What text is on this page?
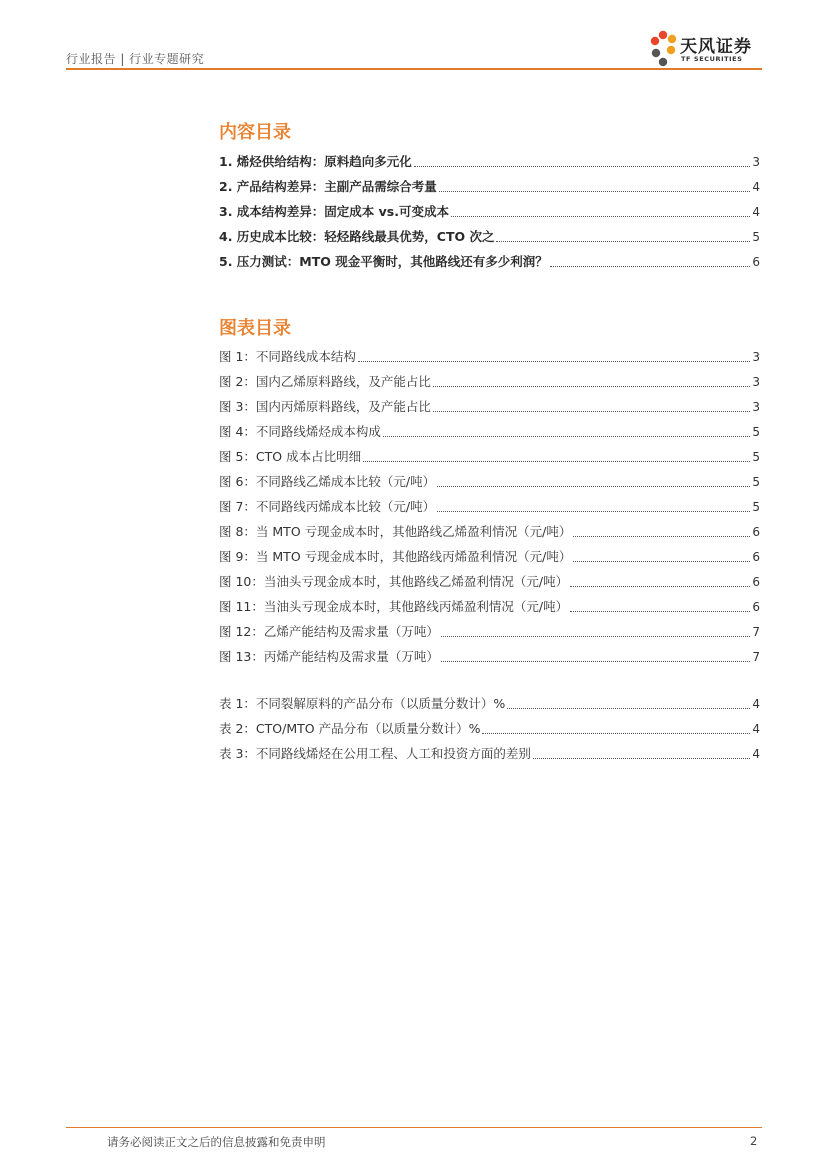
行业报告 | 行业专题研究
天风证券
TF SECURITIES
内容目录
1. 烯烃供给结构：原料趋向多元化	3
2. 产品结构差异：主副产品需综合考量	4
3. 成本结构差异：固定成本 vs.可变成本	4
4. 历史成本比较：轻烃路线最具优势，CTO 次之	5
5. 压力测试：MTO 现金平衡时，其他路线还有多少利润？	6
图表目录
图 1：不同路线成本结构	3
图 2：国内乙烯原料路线，及产能占比	3
图 3：国内丙烯原料路线，及产能占比	3
图 4：不同路线烯烃成本构成	5
图 5：CTO 成本占比明细	5
图 6：不同路线乙烯成本比较（元/吨）	5
图 7：不同路线丙烯成本比较（元/吨）	5
图 8：当 MTO 亏现金成本时，其他路线乙烯盈利情况（元/吨）	6
图 9：当 MTO 亏现金成本时，其他路线丙烯盈利情况（元/吨）	6
图 10：当油头亏现金成本时，其他路线乙烯盈利情况（元/吨）	6
图 11：当油头亏现金成本时，其他路线丙烯盈利情况（元/吨）	6
图 12：乙烯产能结构及需求量（万吨）	7
图 13：丙烯产能结构及需求量（万吨）	7
表 1：不同裂解原料的产品分布（以质量分数计）%	4
表 2：CTO/MTO 产品分布（以质量分数计）%	4
表 3：不同路线烯烃在公用工程、人工和投资方面的差别	4
请务必阅读正文之后的信息披露和免责申明	2
